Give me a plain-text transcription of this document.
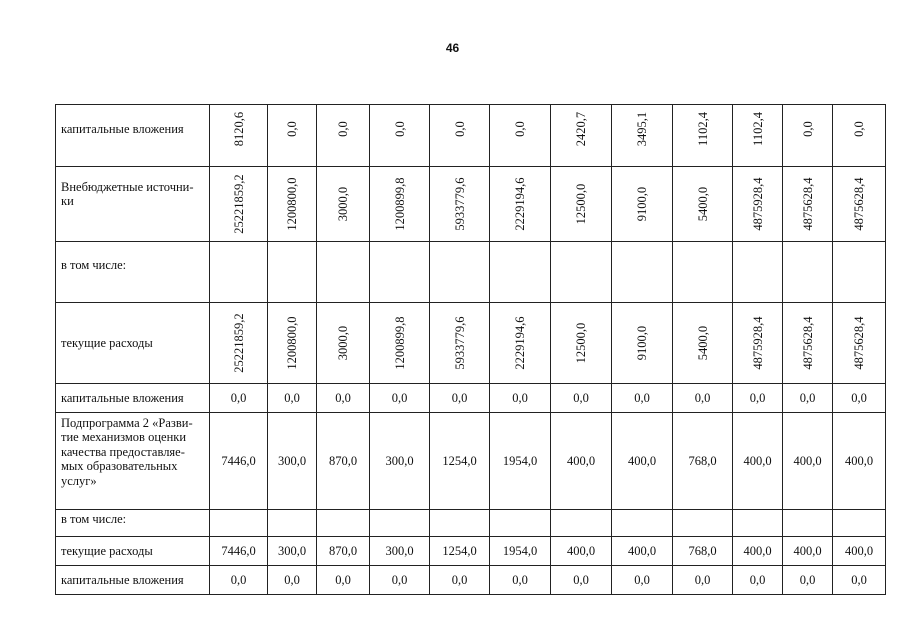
46
капитальные вложения	8120,6	0,0	0,0	0,0	0,0	0,0	2420,7	3495,1	1102,4	1102,4	0,0	0,0

Внебюджетные источни-ки	25221859,2	1200800,0	3000,0	1200899,8	5933779,6	2229194,6	12500,0	9100,0	5400,0	4875928,4	4875628,4	4875628,4

в том числе:												
текущие расходы	25221859,2	1200800,0	3000,0	1200899,8	5933779,6	2229194,6	12500,0	9100,0	5400,0	4875928,4	4875628,4	4875628,4

капитальные вложения	0,0	0,0	0,0	0,0	0,0	0,0	0,0	0,0	0,0	0,0	0,0	0,0
Подпрограмма 2 «Разви-тие механизмов оценки качества предоставляе-мых образовательных услуг»	7446,0	300,0	870,0	300,0	1254,0	1954,0	400,0	400,0	768,0	400,0	400,0	400,0
в том числе:												
текущие расходы	7446,0	300,0	870,0	300,0	1254,0	1954,0	400,0	400,0	768,0	400,0	400,0	400,0
капитальные вложения	0,0	0,0	0,0	0,0	0,0	0,0	0,0	0,0	0,0	0,0	0,0	0,0
